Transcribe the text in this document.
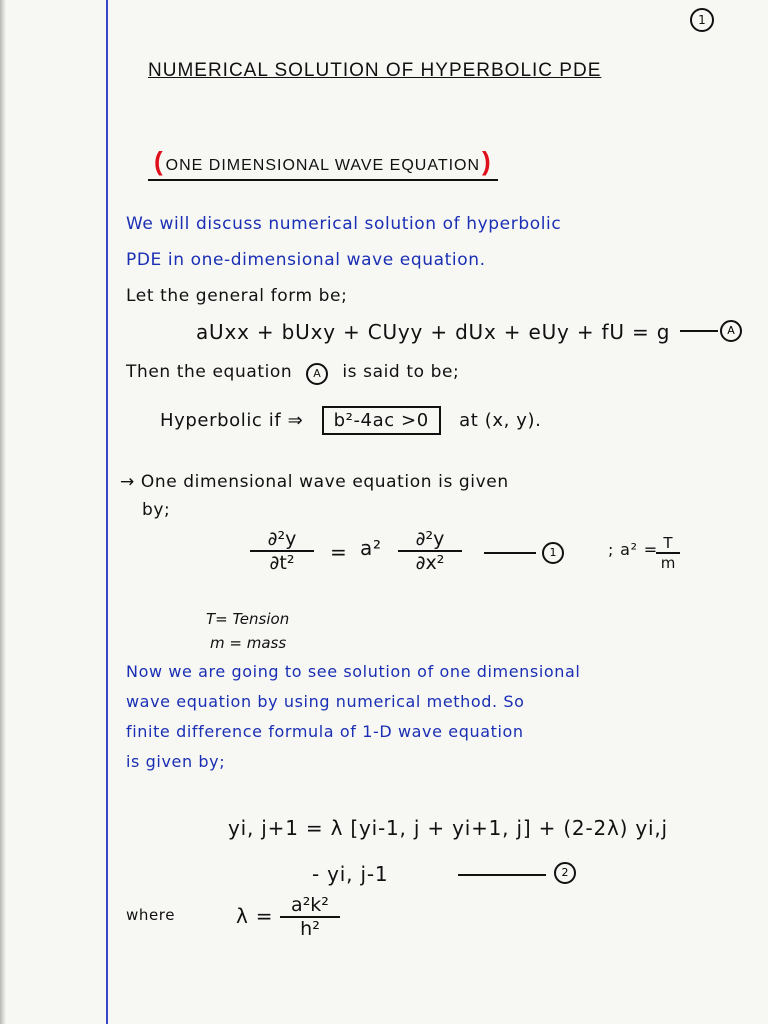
1
NUMERICAL SOLUTION OF HYPERBOLIC PDE
( ONE DIMENSIONAL WAVE EQUATION )
We will discuss numerical solution of hyperbolic
PDE in one-dimensional wave equation.
Let the general form be;
aUxx + bUxy + CUyy + dUx + eUy + fU = g	A
Then the equation A is said to be;
Hyperbolic if ⇒ b²-4ac >0 at (x, y).
→ One dimensional wave equation is given
by;
$\frac{\text{∂²y}}{\text{∂t²}} = a^2 \frac{\text{∂²y}}{\text{∂x²}}$	1	; a² =
$\frac{T}{m}$
T= Tension
m = mass
Now we are going to see solution of one dimensional
wave equation by using numerical method. So
finite difference formula of 1-D wave equation
is given by;
yi, j+1 = λ [yi-1, j + yi+1, j] + (2-2λ) yi,j
- yi, j-1	2
where	$\lambda = \frac{\text{a²k²}}{\text{h²}}$
